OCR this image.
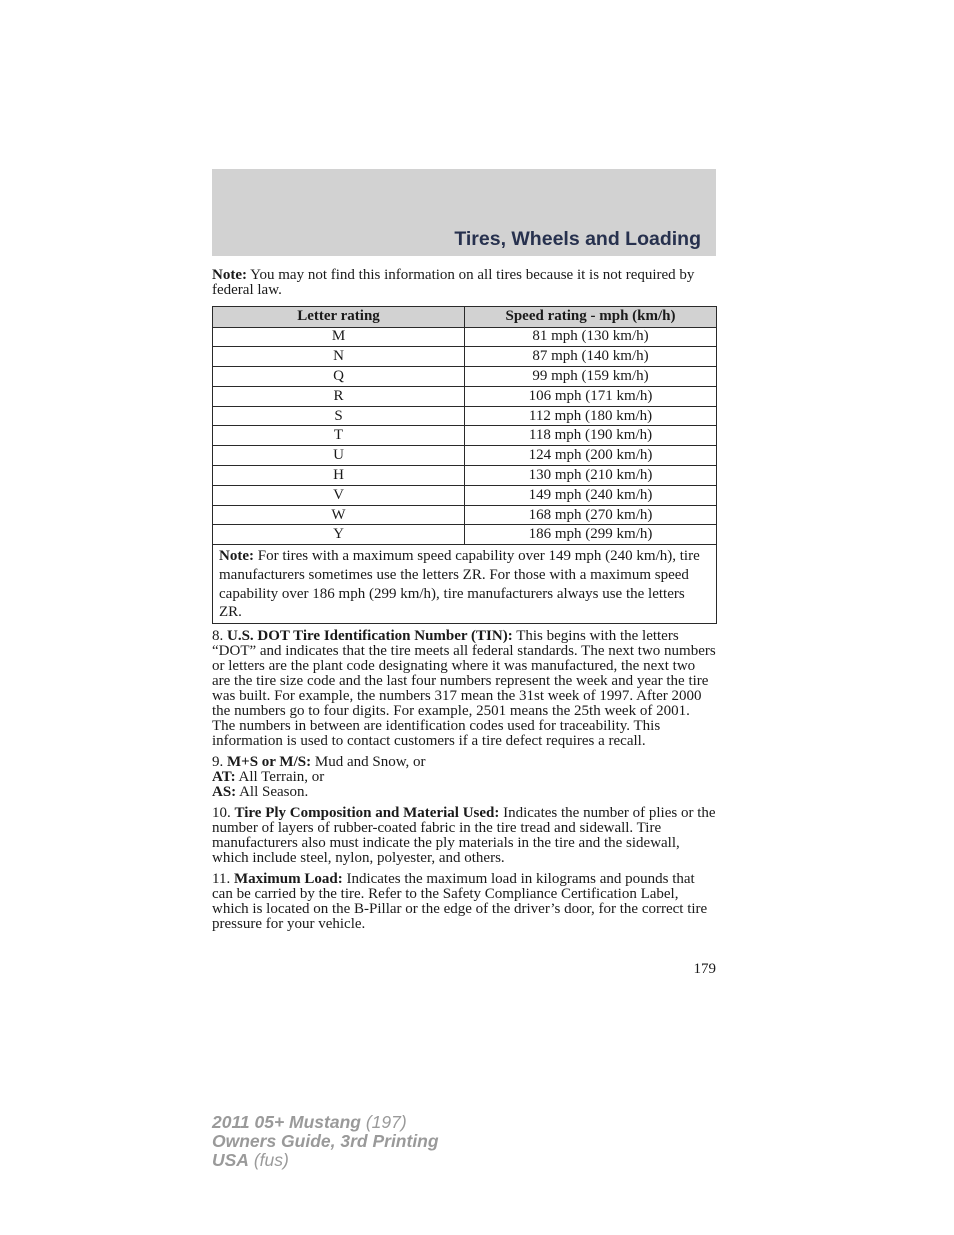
Tires, Wheels and Loading

Note: You may not find this information on all tires because it is not required by federal law.

Letter rating	Speed rating - mph (km/h)
M	81 mph (130 km/h)
N	87 mph (140 km/h)
Q	99 mph (159 km/h)
R	106 mph (171 km/h)
S	112 mph (180 km/h)
T	118 mph (190 km/h)
U	124 mph (200 km/h)
H	130 mph (210 km/h)
V	149 mph (240 km/h)
W	168 mph (270 km/h)
Y	186 mph (299 km/h)
Note: For tires with a maximum speed capability over 149 mph (240 km/h), tire manufacturers sometimes use the letters ZR. For those with a maximum speed capability over 186 mph (299 km/h), tire manufacturers always use the letters ZR.	

8. U.S. DOT Tire Identification Number (TIN): This begins with the letters “DOT” and indicates that the tire meets all federal standards. The next two numbers or letters are the plant code designating where it was manufactured, the next two are the tire size code and the last four numbers represent the week and year the tire was built. For example, the numbers 317 mean the 31st week of 1997. After 2000 the numbers go to four digits. For example, 2501 means the 25th week of 2001. The numbers in between are identification codes used for traceability. This information is used to contact customers if a tire defect requires a recall.

9. M+S or M/S: Mud and Snow, or
AT: All Terrain, or
AS: All Season.

10. Tire Ply Composition and Material Used: Indicates the number of plies or the number of layers of rubber-coated fabric in the tire tread and sidewall. Tire manufacturers also must indicate the ply materials in the tire and the sidewall, which include steel, nylon, polyester, and others.

11. Maximum Load: Indicates the maximum load in kilograms and pounds that can be carried by the tire. Refer to the Safety Compliance Certification Label, which is located on the B-Pillar or the edge of the driver’s door, for the correct tire pressure for your vehicle.

179
2011 05+ Mustang (197)
Owners Guide, 3rd Printing
USA (fus)
